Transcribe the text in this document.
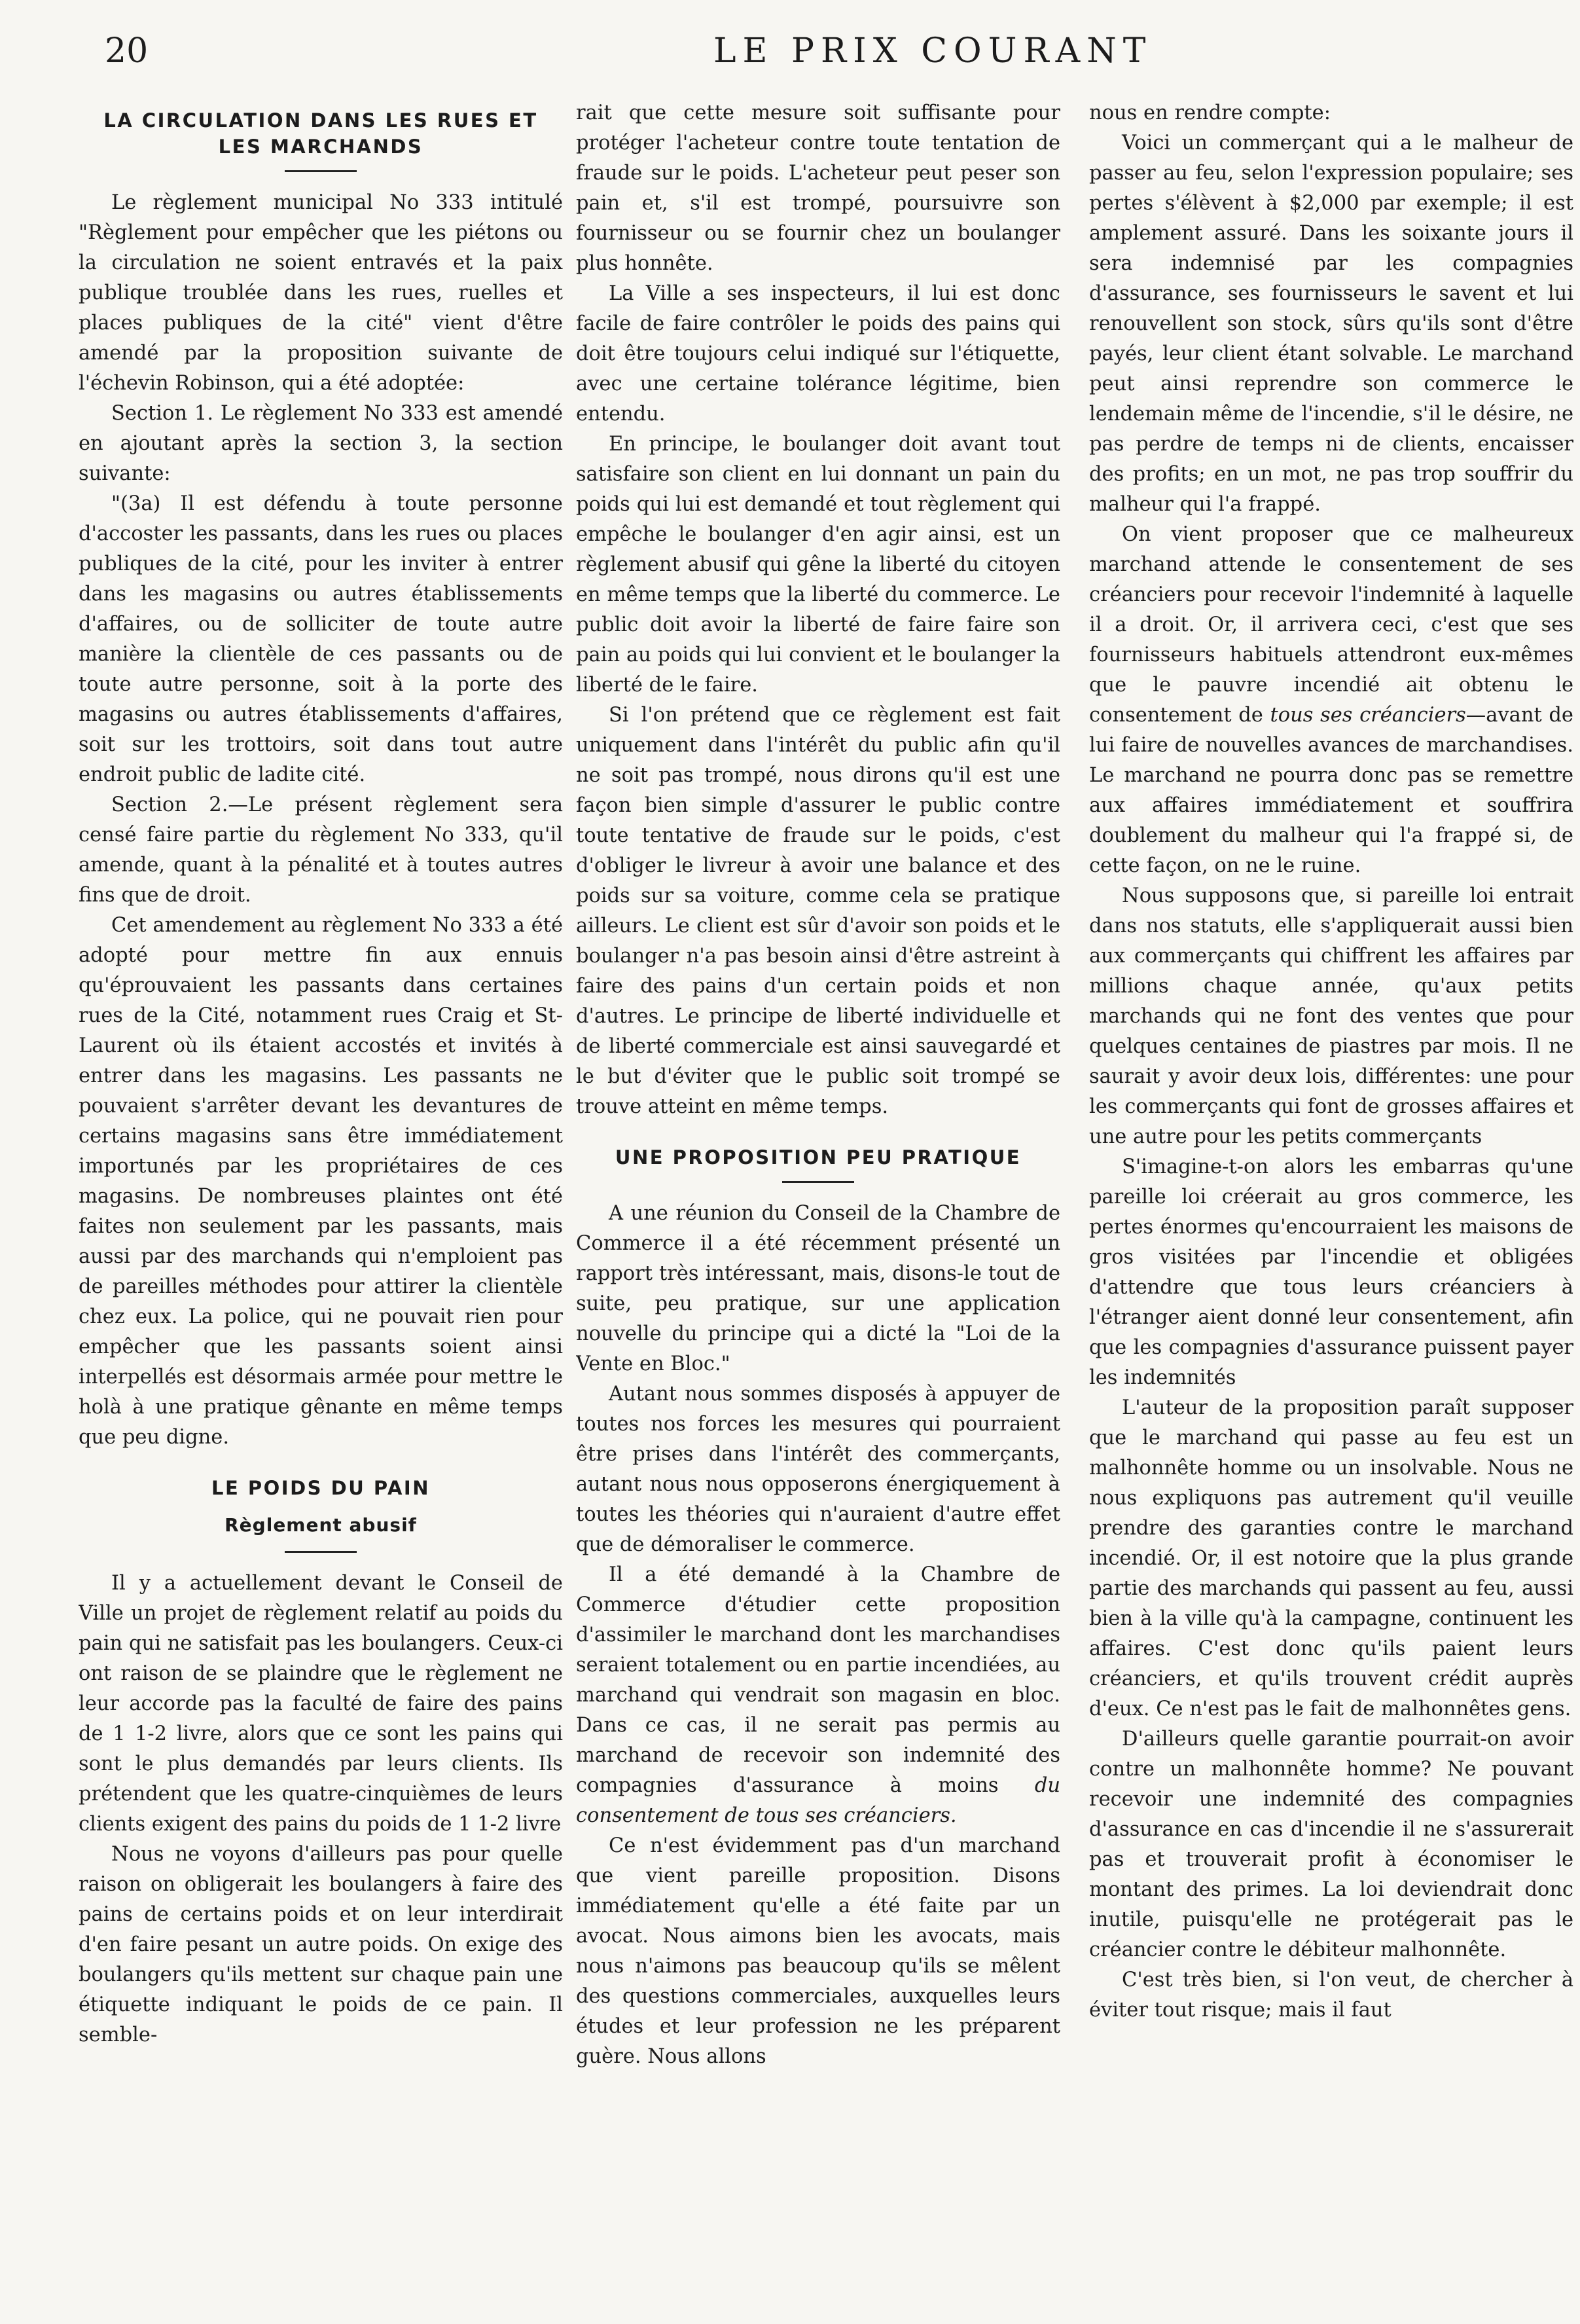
20	LE PRIX COURANT
LA CIRCULATION DANS LES RUES ET LES MARCHANDS

Le règlement municipal No 333 intitulé "Règlement pour empêcher que les piétons ou la circulation ne soient entravés et la paix publique troublée dans les rues, ruelles et places publiques de la cité" vient d'être amendé par la proposition suivante de l'échevin Robinson, qui a été adoptée:

Section 1. Le règlement No 333 est amendé en ajoutant après la section 3, la section suivante:

"(3a) Il est défendu à toute personne d'accoster les passants, dans les rues ou places publiques de la cité, pour les inviter à entrer dans les magasins ou autres établissements d'affaires, ou de solliciter de toute autre manière la clientèle de ces passants ou de toute autre personne, soit à la porte des magasins ou autres établissements d'affaires, soit sur les trottoirs, soit dans tout autre endroit public de ladite cité.

Section 2.—Le présent règlement sera censé faire partie du règlement No 333, qu'il amende, quant à la pénalité et à toutes autres fins que de droit.

Cet amendement au règlement No 333 a été adopté pour mettre fin aux ennuis qu'éprouvaient les passants dans certaines rues de la Cité, notamment rues Craig et St-Laurent où ils étaient accostés et invités à entrer dans les magasins. Les passants ne pouvaient s'arrêter devant les devantures de certains magasins sans être immédiatement importunés par les propriétaires de ces magasins. De nombreuses plaintes ont été faites non seulement par les passants, mais aussi par des marchands qui n'emploient pas de pareilles méthodes pour attirer la clientèle chez eux. La police, qui ne pouvait rien pour empêcher que les passants soient ainsi interpellés est désormais armée pour mettre le holà à une pratique gênante en même temps que peu digne.

LE POIDS DU PAIN
Règlement abusif

Il y a actuellement devant le Conseil de Ville un projet de règlement relatif au poids du pain qui ne satisfait pas les boulangers. Ceux-ci ont raison de se plaindre que le règlement ne leur accorde pas la faculté de faire des pains de 1 1-2 livre, alors que ce sont les pains qui sont le plus demandés par leurs clients. Ils prétendent que les quatre-cinquièmes de leurs clients exigent des pains du poids de 1 1-2 livre

Nous ne voyons d'ailleurs pas pour quelle raison on obligerait les boulangers à faire des pains de certains poids et on leur interdirait d'en faire pesant un autre poids. On exige des boulangers qu'ils mettent sur chaque pain une étiquette indiquant le poids de ce pain. Il semble-

rait que cette mesure soit suffisante pour protéger l'acheteur contre toute tentation de fraude sur le poids. L'acheteur peut peser son pain et, s'il est trompé, poursuivre son fournisseur ou se fournir chez un boulanger plus honnête.

La Ville a ses inspecteurs, il lui est donc facile de faire contrôler le poids des pains qui doit être toujours celui indiqué sur l'étiquette, avec une certaine tolérance légitime, bien entendu.

En principe, le boulanger doit avant tout satisfaire son client en lui donnant un pain du poids qui lui est demandé et tout règlement qui empêche le boulanger d'en agir ainsi, est un règlement abusif qui gêne la liberté du citoyen en même temps que la liberté du commerce. Le public doit avoir la liberté de faire faire son pain au poids qui lui convient et le boulanger la liberté de le faire.

Si l'on prétend que ce règlement est fait uniquement dans l'intérêt du public afin qu'il ne soit pas trompé, nous dirons qu'il est une façon bien simple d'assurer le public contre toute tentative de fraude sur le poids, c'est d'obliger le livreur à avoir une balance et des poids sur sa voiture, comme cela se pratique ailleurs. Le client est sûr d'avoir son poids et le boulanger n'a pas besoin ainsi d'être astreint à faire des pains d'un certain poids et non d'autres. Le principe de liberté individuelle et de liberté commerciale est ainsi sauvegardé et le but d'éviter que le public soit trompé se trouve atteint en même temps.

UNE PROPOSITION PEU PRATIQUE

A une réunion du Conseil de la Chambre de Commerce il a été récemment présenté un rapport très intéressant, mais, disons-le tout de suite, peu pratique, sur une application nouvelle du principe qui a dicté la "Loi de la Vente en Bloc."

Autant nous sommes disposés à appuyer de toutes nos forces les mesures qui pourraient être prises dans l'intérêt des commerçants, autant nous nous opposerons énergiquement à toutes les théories qui n'auraient d'autre effet que de démoraliser le commerce.

Il a été demandé à la Chambre de Commerce d'étudier cette proposition d'assimiler le marchand dont les marchandises seraient totalement ou en partie incendiées, au marchand qui vendrait son magasin en bloc. Dans ce cas, il ne serait pas permis au marchand de recevoir son indemnité des compagnies d'assurance à moins du consentement de tous ses créanciers.

Ce n'est évidemment pas d'un marchand que vient pareille proposition. Disons immédiatement qu'elle a été faite par un avocat. Nous aimons bien les avocats, mais nous n'aimons pas beaucoup qu'ils se mêlent des questions commerciales, auxquelles leurs études et leur profession ne les préparent guère. Nous allons

nous en rendre compte:

Voici un commerçant qui a le malheur de passer au feu, selon l'expression populaire; ses pertes s'élèvent à $2,000 par exemple; il est amplement assuré. Dans les soixante jours il sera indemnisé par les compagnies d'assurance, ses fournisseurs le savent et lui renouvellent son stock, sûrs qu'ils sont d'être payés, leur client étant solvable. Le marchand peut ainsi reprendre son commerce le lendemain même de l'incendie, s'il le désire, ne pas perdre de temps ni de clients, encaisser des profits; en un mot, ne pas trop souffrir du malheur qui l'a frappé.

On vient proposer que ce malheureux marchand attende le consentement de ses créanciers pour recevoir l'indemnité à laquelle il a droit. Or, il arrivera ceci, c'est que ses fournisseurs habituels attendront eux-mêmes que le pauvre incendié ait obtenu le consentement de tous ses créanciers—avant de lui faire de nouvelles avances de marchandises. Le marchand ne pourra donc pas se remettre aux affaires immédiatement et souffrira doublement du malheur qui l'a frappé si, de cette façon, on ne le ruine.

Nous supposons que, si pareille loi entrait dans nos statuts, elle s'appliquerait aussi bien aux commerçants qui chiffrent les affaires par millions chaque année, qu'aux petits marchands qui ne font des ventes que pour quelques centaines de piastres par mois. Il ne saurait y avoir deux lois, différentes: une pour les commerçants qui font de grosses affaires et une autre pour les petits commerçants

S'imagine-t-on alors les embarras qu'une pareille loi créerait au gros commerce, les pertes énormes qu'encourraient les maisons de gros visitées par l'incendie et obligées d'attendre que tous leurs créanciers à l'étranger aient donné leur consentement, afin que les compagnies d'assurance puissent payer les indemnités

L'auteur de la proposition paraît supposer que le marchand qui passe au feu est un malhonnête homme ou un insolvable. Nous ne nous expliquons pas autrement qu'il veuille prendre des garanties contre le marchand incendié. Or, il est notoire que la plus grande partie des marchands qui passent au feu, aussi bien à la ville qu'à la campagne, continuent les affaires. C'est donc qu'ils paient leurs créanciers, et qu'ils trouvent crédit auprès d'eux. Ce n'est pas le fait de malhonnêtes gens.

D'ailleurs quelle garantie pourrait-on avoir contre un malhonnête homme? Ne pouvant recevoir une indemnité des compagnies d'assurance en cas d'incendie il ne s'assurerait pas et trouverait profit à économiser le montant des primes. La loi deviendrait donc inutile, puisqu'elle ne protégerait pas le créancier contre le débiteur malhonnête.

C'est très bien, si l'on veut, de chercher à éviter tout risque; mais il faut
